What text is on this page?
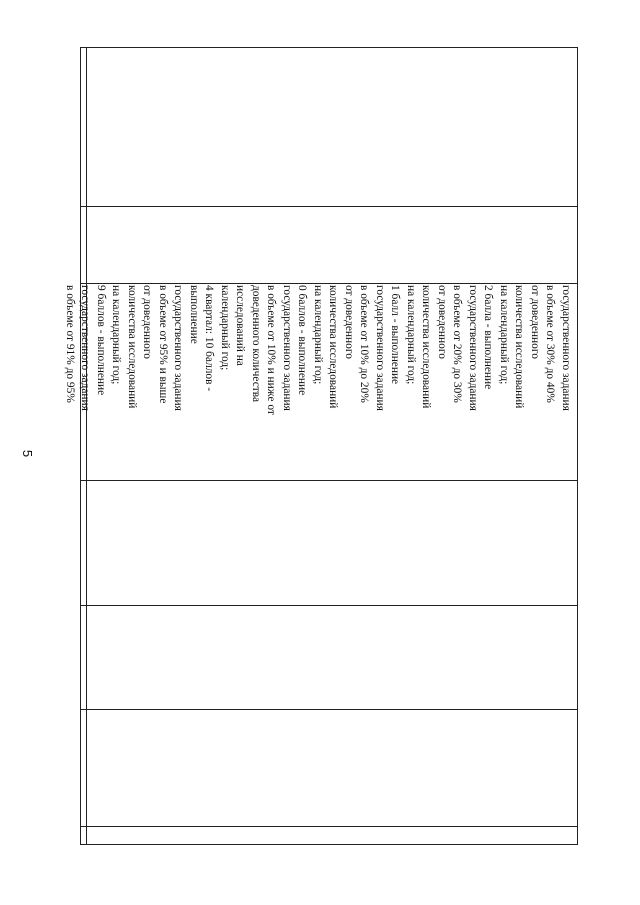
5
государственного задания
в объеме от 30% до 40%
от доведенного
количества исследований
на календарный год;
2 балла - выполнение
государственного задания
в объеме от 20% до 30%
от доведенного
количества исследований
на календарный год;
1 балл - выполнение
государственного задания
в объеме от 10% до 20%
от доведенного
количества исследований
на календарный год;
0 баллов - выполнение
государственного задания
в объеме от 10% и ниже от
доведенного количества
исследований на
календарный год;
4 квартал: 10 баллов -
выполнение
государственного задания
в объеме от 95% и выше
от доведенного
количества исследований
на календарный год;
9 баллов - выполнение
государственного задания
в объеме от 91% до 95%
